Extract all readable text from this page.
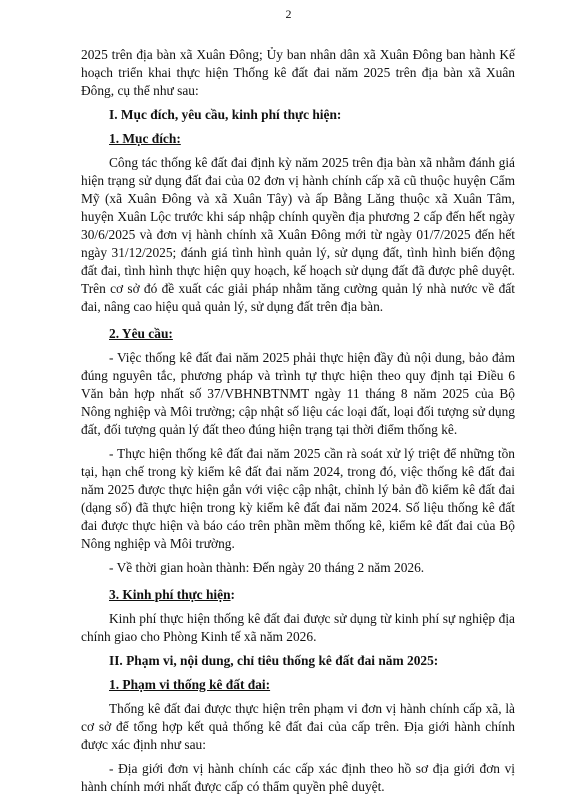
2

2025 trên địa bàn xã Xuân Đông; Ủy ban nhân dân xã Xuân Đông ban hành Kế hoạch triển khai thực hiện Thống kê đất đai năm 2025 trên địa bàn xã Xuân Đông, cụ thể như sau:

I. Mục đích, yêu cầu, kinh phí thực hiện:

1. Mục đích:

Công tác thống kê đất đai định kỳ năm 2025 trên địa bàn xã nhằm đánh giá hiện trạng sử dụng đất đai của 02 đơn vị hành chính cấp xã cũ thuộc huyện Cẩm Mỹ (xã Xuân Đông và xã Xuân Tây) và ấp Bằng Lăng thuộc xã Xuân Tâm, huyện Xuân Lộc trước khi sáp nhập chính quyền địa phương 2 cấp đến hết ngày 30/6/2025 và đơn vị hành chính xã Xuân Đông mới từ ngày 01/7/2025 đến hết ngày 31/12/2025; đánh giá tình hình quản lý, sử dụng đất, tình hình biến động đất đai, tình hình thực hiện quy hoạch, kế hoạch sử dụng đất đã được phê duyệt. Trên cơ sở đó đề xuất các giải pháp nhằm tăng cường quản lý nhà nước về đất đai, nâng cao hiệu quả quản lý, sử dụng đất trên địa bàn.

2. Yêu cầu:

- Việc thống kê đất đai năm 2025 phải thực hiện đầy đủ nội dung, bảo đảm đúng nguyên tắc, phương pháp và trình tự thực hiện theo quy định tại Điều 6 Văn bản hợp nhất số 37/VBHNBTNMT ngày 11 tháng 8 năm 2025 của Bộ Nông nghiệp và Môi trường; cập nhật số liệu các loại đất, loại đối tượng sử dụng đất, đối tượng quản lý đất theo đúng hiện trạng tại thời điểm thống kê.

- Thực hiện thống kê đất đai năm 2025 cần rà soát xử lý triệt để những tồn tại, hạn chế trong kỳ kiểm kê đất đai năm 2024, trong đó, việc thống kê đất đai năm 2025 được thực hiện gắn với việc cập nhật, chỉnh lý bản đồ kiểm kê đất đai (dạng số) đã thực hiện trong kỳ kiểm kê đất đai năm 2024. Số liệu thống kê đất đai được thực hiện và báo cáo trên phần mềm thống kê, kiểm kê đất đai của Bộ Nông nghiệp và Môi trường.

- Về thời gian hoàn thành: Đến ngày 20 tháng 2 năm 2026.

3. Kinh phí thực hiện:

Kinh phí thực hiện thống kê đất đai được sử dụng từ kinh phí sự nghiệp địa chính giao cho Phòng Kinh tế xã năm 2026.

II. Phạm vi, nội dung, chỉ tiêu thống kê đất đai năm 2025:

1. Phạm vi thống kê đất đai:

Thống kê đất đai được thực hiện trên phạm vi đơn vị hành chính cấp xã, là cơ sở để tổng hợp kết quả thống kê đất đai của cấp trên. Địa giới hành chính được xác định như sau:

- Địa giới đơn vị hành chính các cấp xác định theo hồ sơ địa giới đơn vị hành chính mới nhất được cấp có thẩm quyền phê duyệt.
